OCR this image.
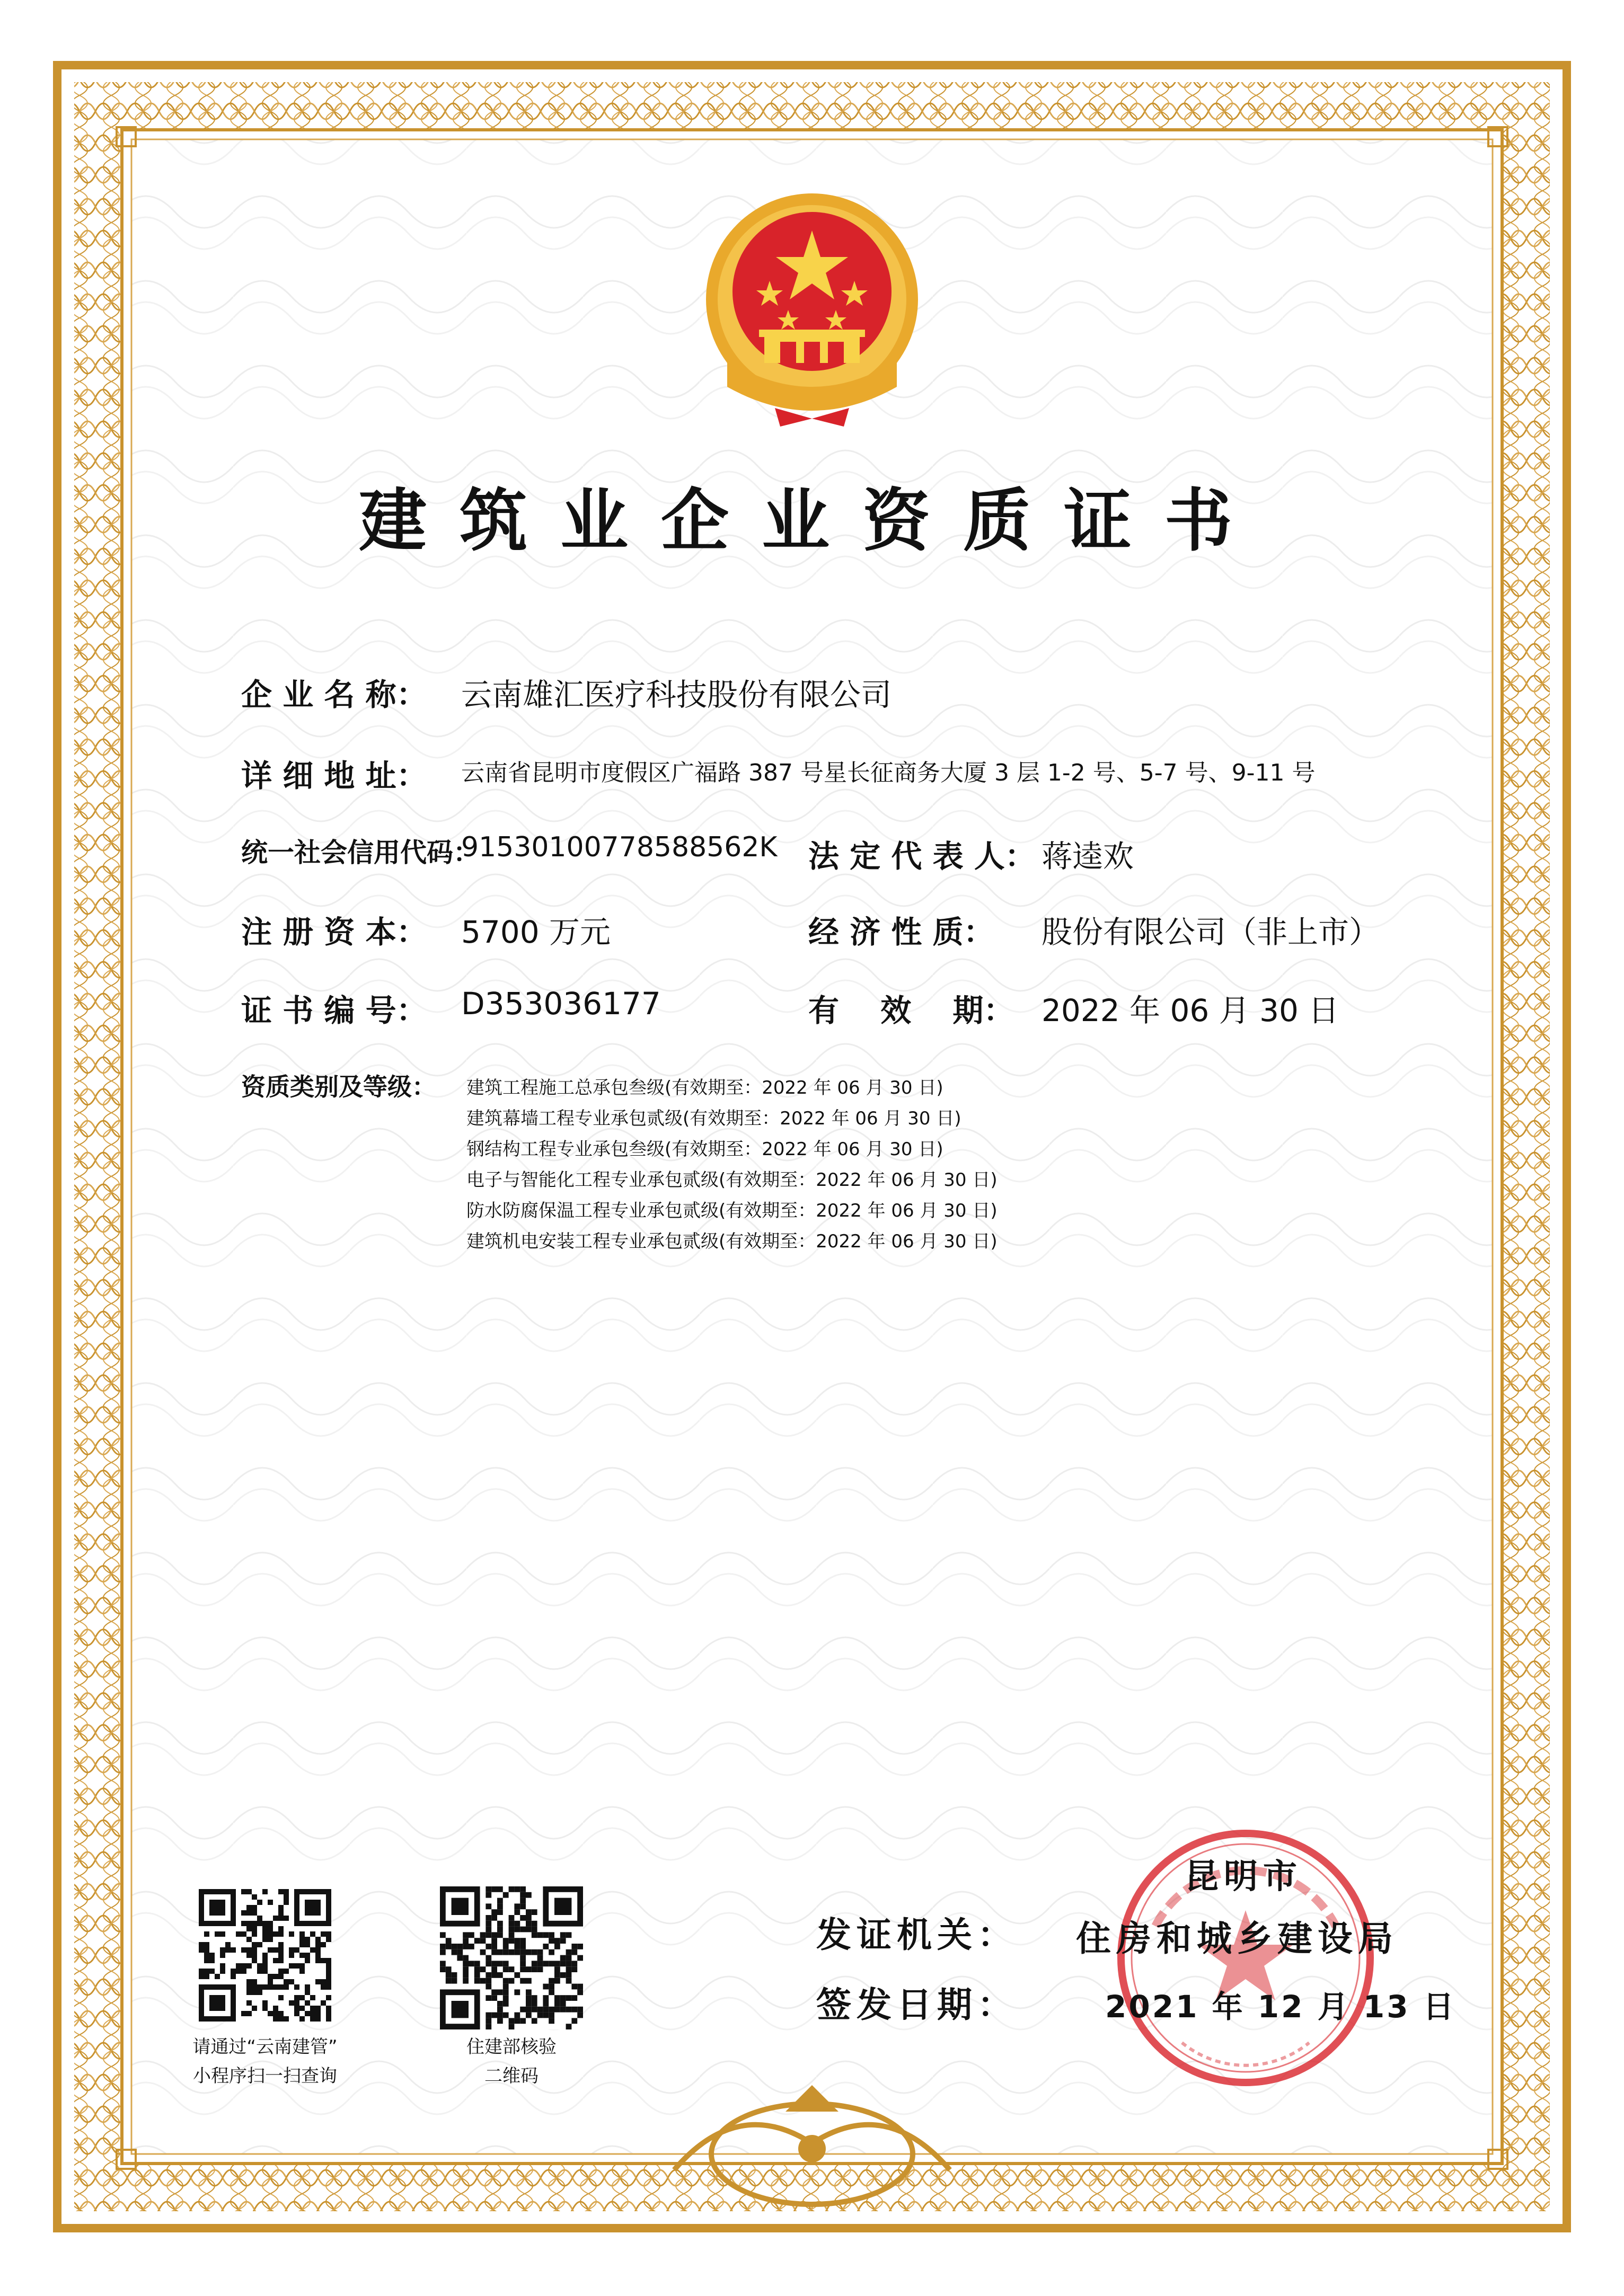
建筑业企业资质证书
企 业 名 称： 云南雄汇医疗科技股份有限公司
详 细 地 址： 云南省昆明市度假区广福路 387 号星长征商务大厦 3 层 1-2 号、5-7 号、9-11 号
统一社会信用代码：
91530100778588562K 法 定 代 表 人： 蒋逵欢
注 册 资 本： 5700 万元	经 济 性 质： 股份有限公司（非上市）
证 书 编 号： D353036177	有　 效 　期： 2022 年 06 月 30 日
资质类别及等级： 建筑工程施工总承包叁级(有效期至：2022 年 06 月 30 日)
建筑幕墙工程专业承包贰级(有效期至：2022 年 06 月 30 日)
钢结构工程专业承包叁级(有效期至：2022 年 06 月 30 日)
电子与智能化工程专业承包贰级(有效期至：2022 年 06 月 30 日)
防水防腐保温工程专业承包贰级(有效期至：2022 年 06 月 30 日)
建筑机电安装工程专业承包贰级(有效期至：2022 年 06 月 30 日)
请通过“云南建管”
小程序扫一扫查询
住建部核验
二维码
昆明市
发证机关： 住房和城乡建设局
签发日期：	2021 年 12 月 13 日
